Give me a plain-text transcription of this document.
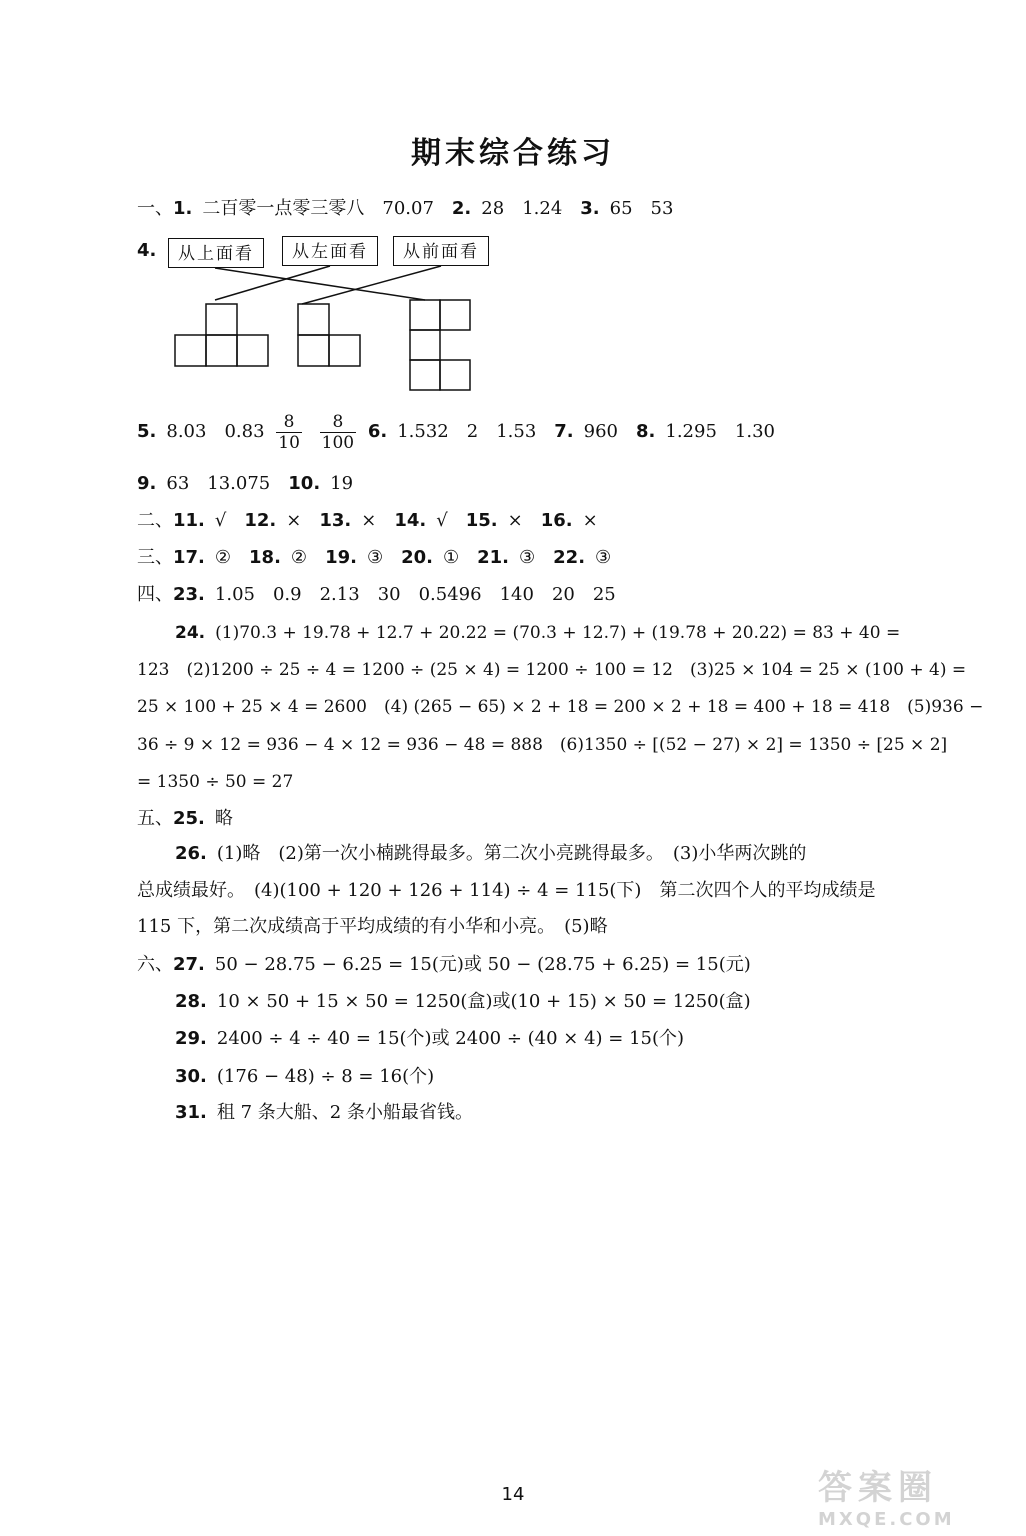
期末综合练习
一、1. 二百零一点零三零八 70.07 2. 28 1.24 3. 65 53
4.	从上面看	从左面看	从前面看
5. 8.03 $0.83 \frac{8}{10}$
$\frac{8}{100} 6$. 1.532 2 1.53 7. 960 8. 1.295 1.30
9. 63 13.075 10. 19
二、11. √ 12. × 13. × 14. √ 15. × 16. ×
三、17. ② 18. ② 19. ③ 20. ① 21. ③ 22. ③
四、23. 1.05 0.9 2.13 30 0.5496 140 20 25
24. (1)70.3 + 19.78 + 12.7 + 20.22 = (70.3 + 12.7) + (19.78 + 20.22) = 83 + 40 =
123　(2)1200 ÷ 25 ÷ 4 = 1200 ÷ (25 × 4) = 1200 ÷ 100 = 12　(3)25 × 104 = 25 × (100 + 4) =
25 × 100 + 25 × 4 = 2600　(4) (265 − 65) × 2 + 18 = 200 × 2 + 18 = 400 + 18 = 418　(5)936 −
36 ÷ 9 × 12 = 936 − 4 × 12 = 936 − 48 = 888　(6)1350 ÷ [(52 − 27) × 2] = 1350 ÷ [25 × 2]
= 1350 ÷ 50 = 27
五、25. 略
26. (1)略　(2)第一次小楠跳得最多。第二次小亮跳得最多。　(3)小华两次跳的
总成绩最好。　(4)(100 + 120 + 126 + 114) ÷ 4 = 115(下)　第二次四个人的平均成绩是
115 下，第二次成绩高于平均成绩的有小华和小亮。　(5)略
六、27. 50 − 28.75 − 6.25 = 15(元)或 50 − (28.75 + 6.25) = 15(元)
28. 10 × 50 + 15 × 50 = 1250(盒)或(10 + 15) × 50 = 1250(盒)
29. 2400 ÷ 4 ÷ 40 = 15(个)或 2400 ÷ (40 × 4) = 15(个)
30. (176 − 48) ÷ 8 = 16(个)
31. 租 7 条大船、2 条小船最省钱。
14	答案圈
MXQE.COM
